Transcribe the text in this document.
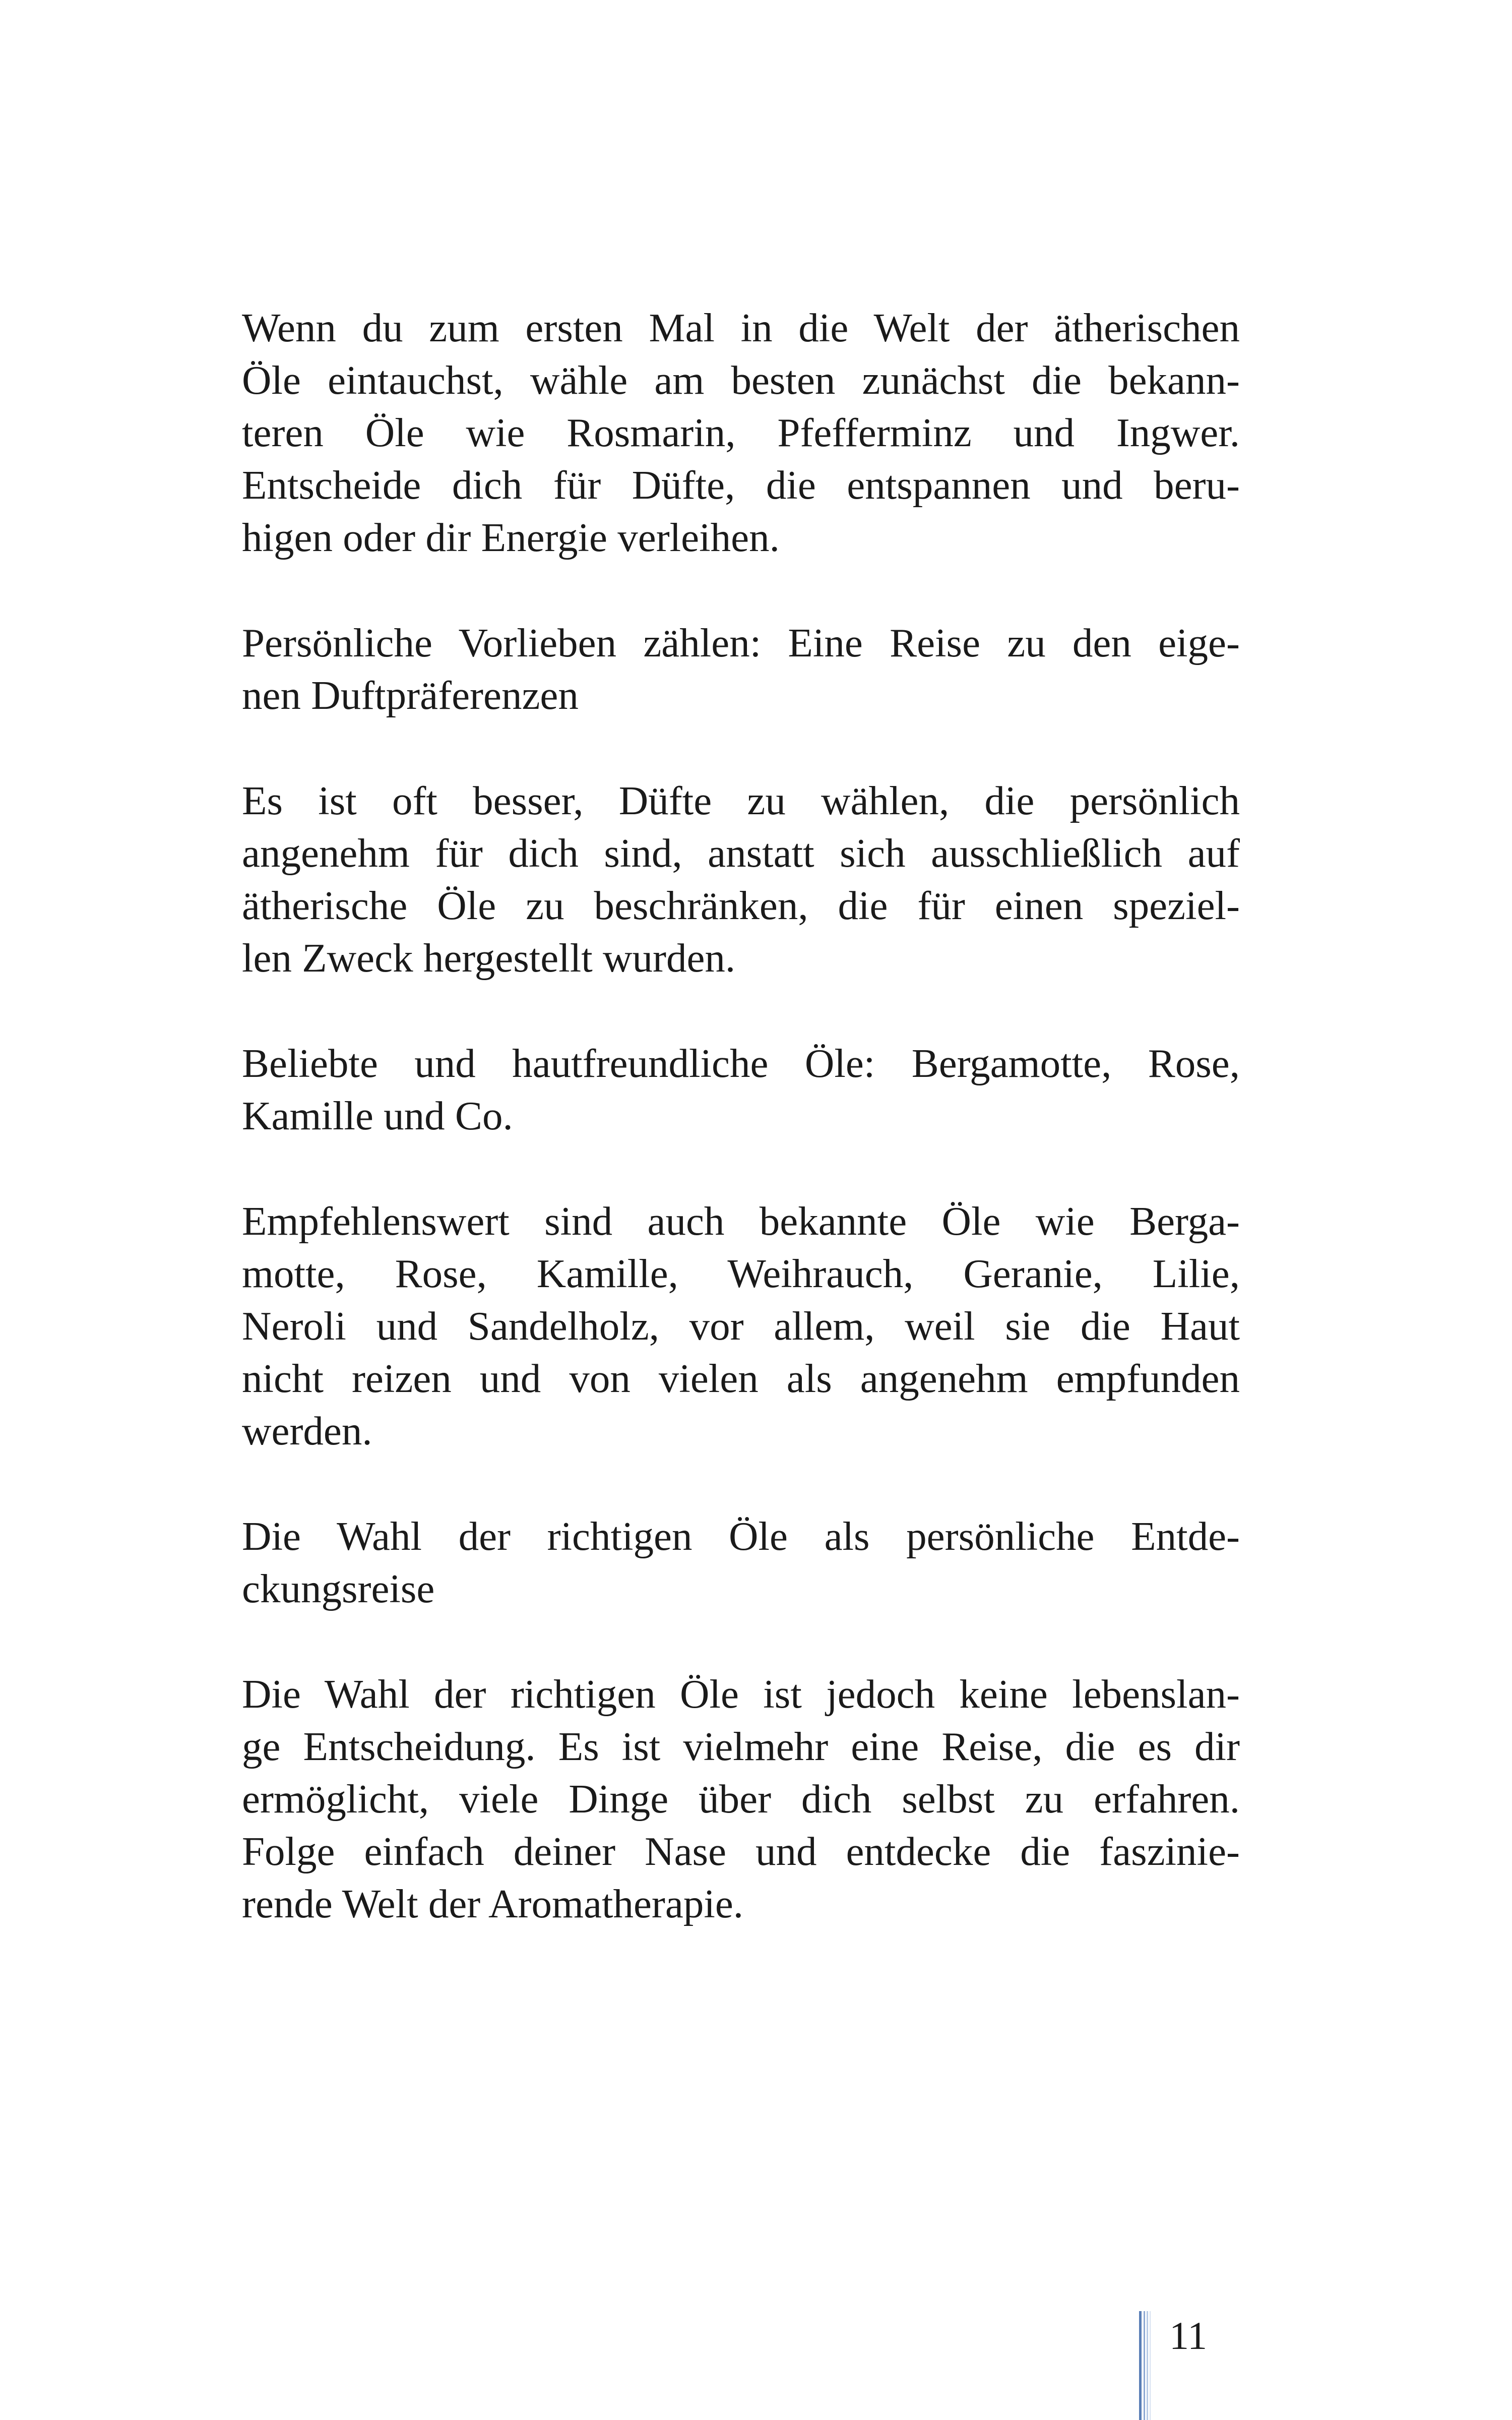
Wenn du zum ersten Mal in die Welt der ätherischen
Öle eintauchst, wähle am besten zunächst die bekann-
teren Öle wie Rosmarin, Pfefferminz und Ingwer.
Entscheide dich für Düfte, die entspannen und beru-
higen oder dir Energie verleihen.

Persönliche Vorlieben zählen: Eine Reise zu den eige-
nen Duftpräferenzen

Es ist oft besser, Düfte zu wählen, die persönlich
angenehm für dich sind, anstatt sich ausschließlich auf
ätherische Öle zu beschränken, die für einen speziel-
len Zweck hergestellt wurden.

Beliebte und hautfreundliche Öle: Bergamotte, Rose,
Kamille und Co.

Empfehlenswert sind auch bekannte Öle wie Berga-
motte, Rose, Kamille, Weihrauch, Geranie, Lilie,
Neroli und Sandelholz, vor allem, weil sie die Haut
nicht reizen und von vielen als angenehm empfunden
werden.

Die Wahl der richtigen Öle als persönliche Entde-
ckungsreise

Die Wahl der richtigen Öle ist jedoch keine lebenslan-
ge Entscheidung. Es ist vielmehr eine Reise, die es dir
ermöglicht, viele Dinge über dich selbst zu erfahren.
Folge einfach deiner Nase und entdecke die faszinie-
rende Welt der Aromatherapie.

11
